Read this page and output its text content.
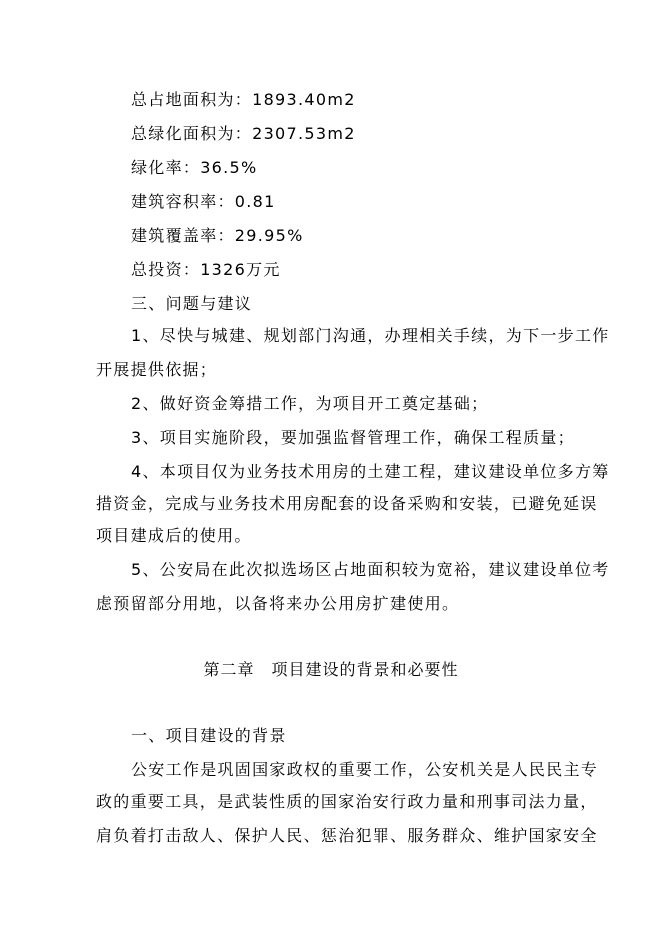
总占地面积为：1893.40m2
总绿化面积为：2307.53m2
绿化率：36.5%
建筑容积率：0.81
建筑覆盖率：29.95%
总投资：1326万元
三、问题与建议
1、尽快与城建、规划部门沟通，办理相关手续，为下一步工作
开展提供依据；
2、做好资金筹措工作，为项目开工奠定基础；
3、项目实施阶段，要加强监督管理工作，确保工程质量；
4、本项目仅为业务技术用房的土建工程，建议建设单位多方筹
措资金，完成与业务技术用房配套的设备采购和安装，已避免延误
项目建成后的使用。
5、公安局在此次拟选场区占地面积较为宽裕，建议建设单位考
虑预留部分用地，以备将来办公用房扩建使用。
第二章　项目建设的背景和必要性
一、项目建设的背景
公安工作是巩固国家政权的重要工作，公安机关是人民民主专
政的重要工具，是武装性质的国家治安行政力量和刑事司法力量，
肩负着打击敌人、保护人民、惩治犯罪、服务群众、维护国家安全
